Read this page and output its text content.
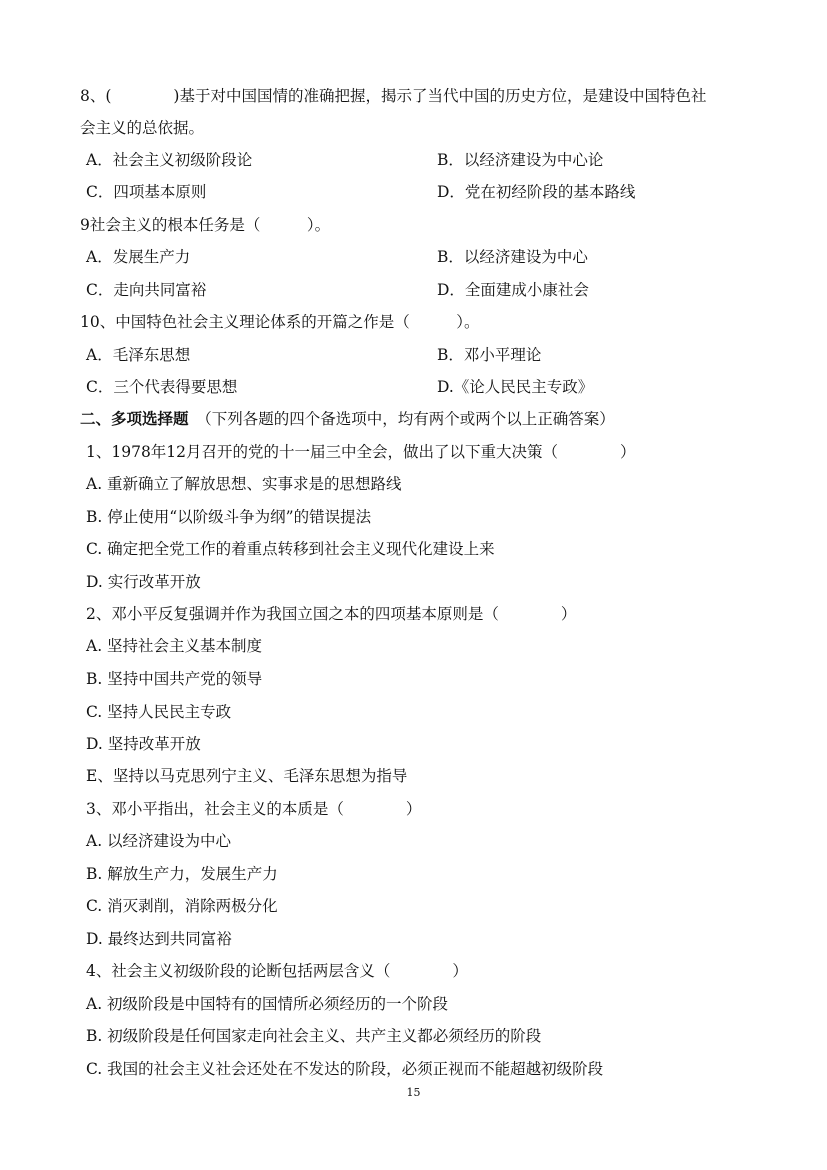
8、(　　　　)基于对中国国情的准确把握，揭示了当代中国的历史方位，是建设中国特色社
会主义的总依据。
A．社会主义初级阶段论	B．以经济建设为中心论
C．四项基本原则	D．党在初经阶段的基本路线
9社会主义的根本任务是（　　　）。
A．发展生产力	B．以经济建设为中心
C．走向共同富裕	D．全面建成小康社会
10、中国特色社会主义理论体系的开篇之作是（　　　）。
A．毛泽东思想	B．邓小平理论
C．三个代表得要思想	D.《论人民民主专政》
二、多项选择题　（下列各题的四个备选项中，均有两个或两个以上正确答案）
1、1978年12月召开的党的十一届三中全会，做出了以下重大决策（　　　　）
A. 重新确立了解放思想、实事求是的思想路线
B. 停止使用“以阶级斗争为纲”的错误提法
C. 确定把全党工作的着重点转移到社会主义现代化建设上来
D. 实行改革开放
2、邓小平反复强调并作为我国立国之本的四项基本原则是（　　　　）
B. 坚持中国共产党的领导
A. 坚持社会主义基本制度
C. 坚持人民民主专政
D. 坚持改革开放
E、坚持以马克思列宁主义、毛泽东思想为指导
3、邓小平指出，社会主义的本质是（　　　　）
A. 以经济建设为中心
B. 解放生产力，发展生产力
C. 消灭剥削，消除两极分化
D. 最终达到共同富裕
4、社会主义初级阶段的论断包括两层含义（　　　　）
A. 初级阶段是中国特有的国情所必须经历的一个阶段
B. 初级阶段是任何国家走向社会主义、共产主义都必须经历的阶段
C. 我国的社会主义社会还处在不发达的阶段，必须正视而不能超越初级阶段
15
